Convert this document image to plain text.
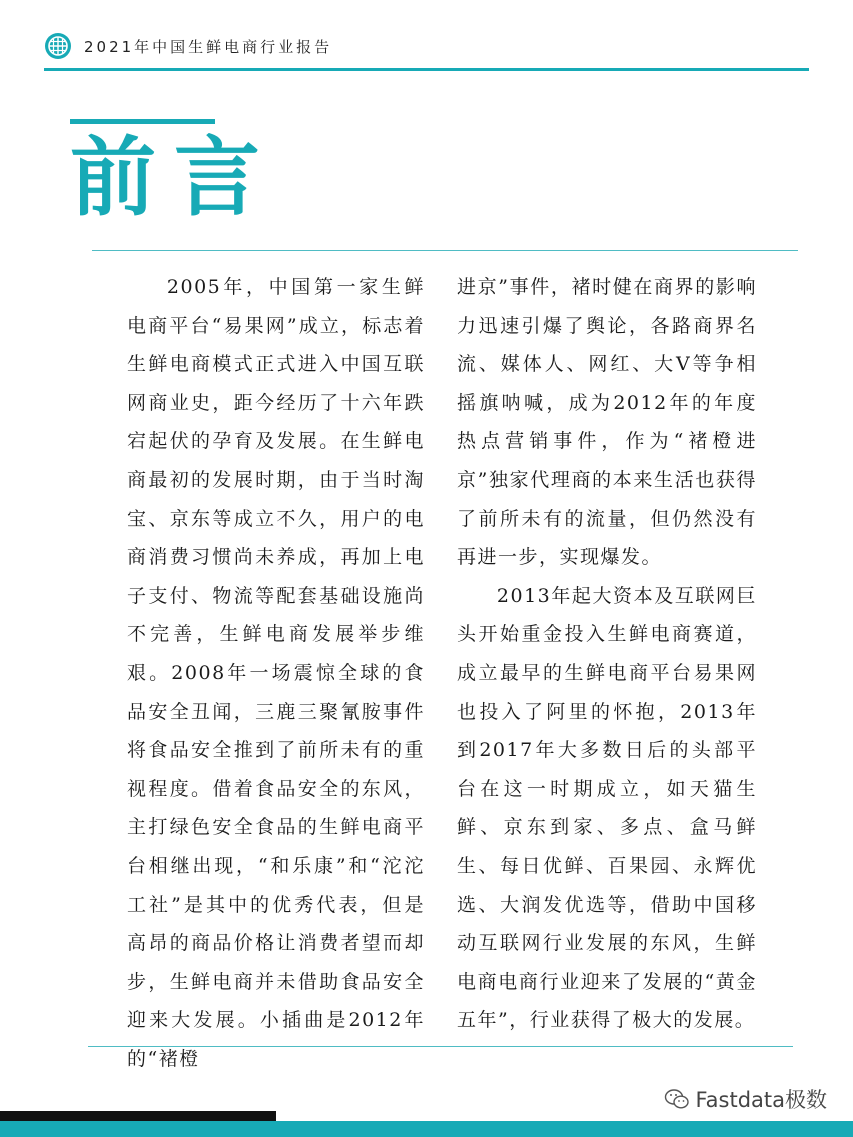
2021年中国生鲜电商行业报告
前言

2005年，中国第一家生鲜电商平台“易果网”成立，标志着生鲜电商模式正式进入中国互联网商业史，距今经历了十六年跌宕起伏的孕育及发展。在生鲜电商最初的发展时期，由于当时淘宝、京东等成立不久，用户的电商消费习惯尚未养成，再加上电子支付、物流等配套基础设施尚不完善，生鲜电商发展举步维艰。2008年一场震惊全球的食品安全丑闻，三鹿三聚氰胺事件将食品安全推到了前所未有的重视程度。借着食品安全的东风，主打绿色安全食品的生鲜电商平台相继出现，“和乐康”和“沱沱工社”是其中的优秀代表，但是高昂的商品价格让消费者望而却步，生鲜电商并未借助食品安全迎来大发展。小插曲是2012年的“褚橙

进京”事件，褚时健在商界的影响力迅速引爆了舆论，各路商界名流、媒体人、网红、大V等争相摇旗呐喊，成为2012年的年度热点营销事件，作为“褚橙进京”独家代理商的本来生活也获得了前所未有的流量，但仍然没有再进一步，实现爆发。

2013年起大资本及互联网巨头开始重金投入生鲜电商赛道，成立最早的生鲜电商平台易果网也投入了阿里的怀抱，2013年到2017年大多数日后的头部平台在这一时期成立，如天猫生鲜、京东到家、多点、盒马鲜生、每日优鲜、百果园、永辉优选、大润发优选等，借助中国移动互联网行业发展的东风，生鲜电商电商行业迎来了发展的“黄金五年”，行业获得了极大的发展。

Fastdata极数
